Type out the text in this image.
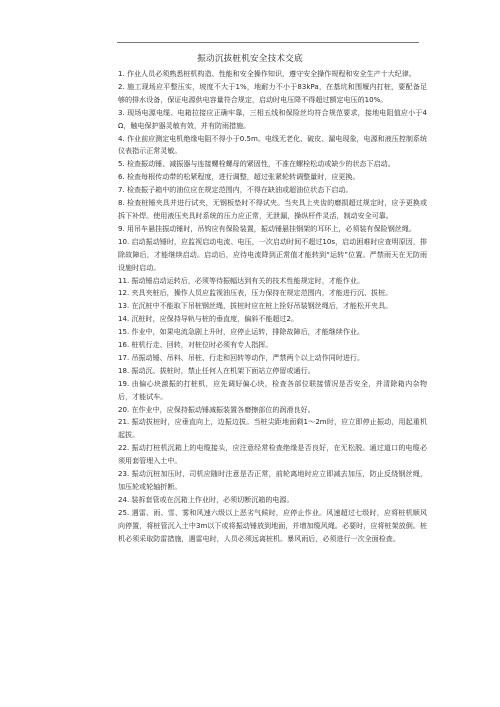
振动沉拔桩机安全技术交底
1. 作业人员必须熟悉桩机构造、性能和安全操作知识，遵守安全操作规程和安全生产十大纪律。
2. 施工现场应平整压实，坡度不大于1%，地耐力不小于83kPa，在基坑和围堰内打桩，要配备足够的排水设备，保证电源供电容量符合规定，启动时电压降不得超过额定电压的10%。
3. 现场电源电缆、电箱拉接应正确牢靠，三相五线和保险丝均符合规范要求，接地电阻值应小于4Ω，触电保护器灵敏有效，并有防雨措施。
4. 作业前应测定电机绝缘电阻不得小于0.5m。电线无老化、破皮、漏电现象，电源和液压控制系统仪表指示正常灵敏。
5. 检查振动锤、减振器与连接螺栓螺母的紧固性，不准在螺栓松动或缺少的状态下启动。
6. 检查每根传动带的松紧程度，进行调整，超过张紧轮转调整量时，应更换。
7. 检查振子箱中的油位应在规定范围内，不得在缺油或超油位状态下启动。
8. 检查桩锤夹具并进行试夹，无钢板垫时不得试夹。当夹具上夹齿的磨损超过规定时，应予更换或拆下补焊。使用液压夹具时系统的压力应正常，无泄漏，操纵杆件灵活，制动安全可靠。
9. 用吊车悬挂振动锤时，吊钩应有保险装置，振动锤悬挂钢架的耳环上，必须装有保险钢丝绳。
10. 启动振动锤时，应监视启动电流、电压，一次启动时间不超过10s，启动困难时应查明原因，排除故障后，才能继续启动。启动后，应待电流降到正常值才能转到“运转”位置。严禁雨天在无防雨设施时启动。
11. 振动锤启动运转后，必须等待振幅达到有关的技术性能规定时，才能作业。
12. 夹具夹桩后，操作人员应监视油压表，压力保持在规定范围内，才能进行沉、拔桩。
13. 在沉桩中不能取下吊桩钢丝绳，拔桩时应在桩上拴好吊装钢丝绳后，才能松开夹具。
14. 沉桩时，应保持导轨与桩的垂直度，偏斜不能超过2。
15. 作业中，如果电流急剧上升时，应停止运转，排除故障后，才能继续作业。
16. 桩机行走、回转，对桩位时必须有专人指挥。
17. 吊振动锤、吊料、吊桩、行走和回转等动作，严禁两个以上动作同时进行。
18. 振动沉、拔桩时，禁止任何人在机架下面站立停留或通行。
19. 由偏心块激振的打桩机，应先调好偏心块，检查各部位联接情况是否安全，并清除箱内杂物后，才能试车。
20. 在作业中，应保持振动锤减振装置各磨擦部位的润滑良好。
21. 振动拔桩时，应垂直向上，边振边拔。当桩尖距地面剩1～2m时，应立即停止振动，用起重机起拔。
22. 振动打桩机沉箱上的电缆接头，应注意经常检查绝缘是否良好，在无松脱。通过道口的电缆必须用套管埋入土中。
23. 振动沉桩加压时，司机应随时注意是否正常，前轮离地时应立即减去加压，防止反绕钢丝绳，加压轮或轮轴折断。
24. 装拆套管或在沉箱上作业时，必须切断沉箱的电源。
25. 遇雷、雨、雪、雾和风速六级以上恶劣气候时，应停止作业。风速超过七级时，应将桩机顺风向停置，将桩管沉入土中3m以下或将振动锤放到地面，并增加缆风绳。必要时，应将桩架放倒。桩机必须采取防雷措施，遇雷电时，人员必须远离桩机。暴风雨后，必须进行一次全面检查。
